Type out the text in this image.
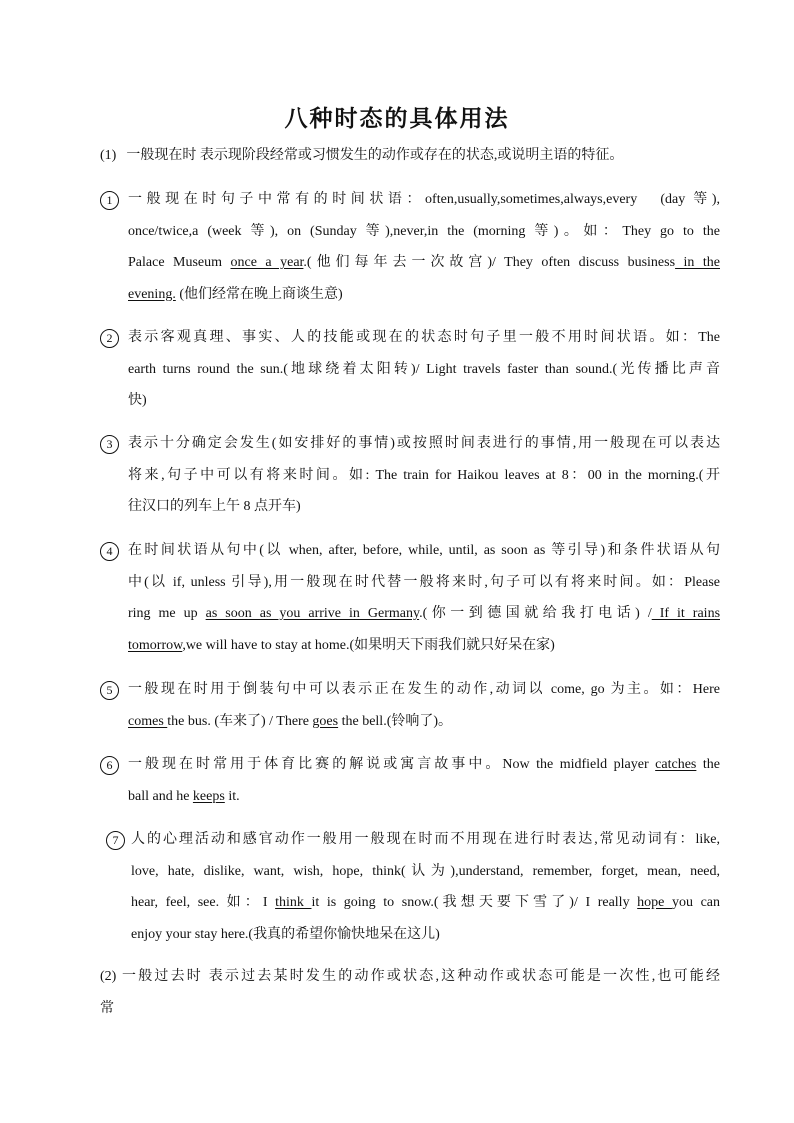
八种时态的具体用法
(1) 一般现在时 表示现阶段经常或习惯发生的动作或存在的状态,或说明主语的特征。
1	一般现在时句子中常有的时间状语：often,usually,sometimes,always,every　(day 等),
once/twice,a (week 等), on (Sunday 等),never,in the (morning 等)。如：They go to the
Palace Museum once a year.(他们每年去一次故宫)/ They often discuss business in the
evening. (他们经常在晚上商谈生意)
2	表示客观真理、事实、人的技能或现在的状态时句子里一般不用时间状语。如：The
earth turns round the sun.(地球绕着太阳转)/ Light travels faster than sound.(光传播比声音
快)
3	表示十分确定会发生(如安排好的事情)或按照时间表进行的事情,用一般现在可以表达
将来,句子中可以有将来时间。如: The train for Haikou leaves at 8：00 in the morning.(开
往汉口的列车上午 8 点开车)
4	在时间状语从句中(以 when, after, before, while, until, as soon as 等引导)和条件状语从句
中(以 if, unless 引导),用一般现在时代替一般将来时,句子可以有将来时间。如：Please
ring me up as soon as you arrive in Germany.(你一到德国就给我打电话) / If it rains
tomorrow,we will have to stay at home.(如果明天下雨我们就只好呆在家)
5	一般现在时用于倒装句中可以表示正在发生的动作,动词以 come, go 为主。如：Here
comes the bus. (车来了) / There goes the bell.(铃响了)。
6	一般现在时常用于体育比赛的解说或寓言故事中。Now the midfield player catches the
ball and he keeps it.
7 人的心理活动和感官动作一般用一般现在时而不用现在进行时表达,常见动词有：like,
love, hate, dislike, want, wish, hope, think(认为),understand, remember, forget, mean, need,
hear, feel, see. 如：I think it is going to snow.(我想天要下雪了)/ I really hope you can
enjoy your stay here.(我真的希望你愉快地呆在这儿)
(2) 一般过去时 表示过去某时发生的动作或状态,这种动作或状态可能是一次性,也可能经
常
